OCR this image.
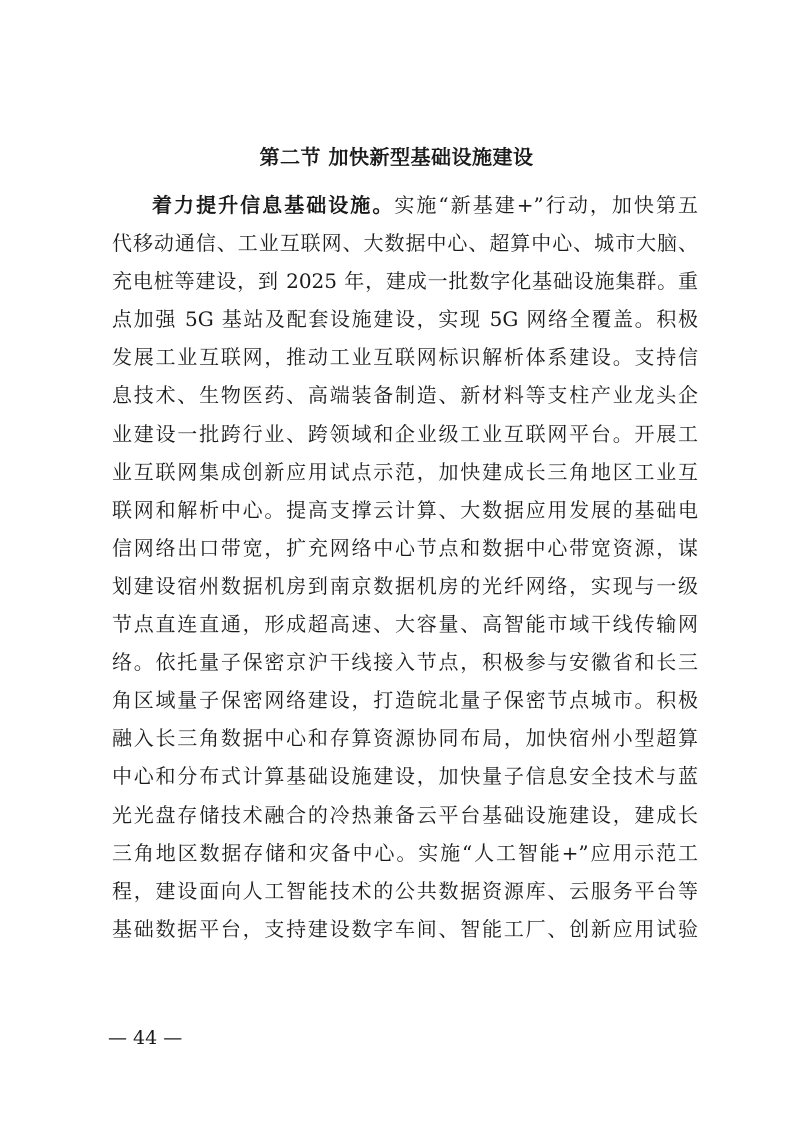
第二节 加快新型基础设施建设
着力提升信息基础设施。实施“新基建+”行动，加快第五
代移动通信、工业互联网、大数据中心、超算中心、城市大脑、
充电桩等建设，到 2025 年，建成一批数字化基础设施集群。重
点加强 5G 基站及配套设施建设，实现 5G 网络全覆盖。积极
发展工业互联网，推动工业互联网标识解析体系建设。支持信
息技术、生物医药、高端装备制造、新材料等支柱产业龙头企
业建设一批跨行业、跨领域和企业级工业互联网平台。开展工
业互联网集成创新应用试点示范，加快建成长三角地区工业互
联网和解析中心。提高支撑云计算、大数据应用发展的基础电
信网络出口带宽，扩充网络中心节点和数据中心带宽资源，谋
划建设宿州数据机房到南京数据机房的光纤网络，实现与一级
节点直连直通，形成超高速、大容量、高智能市域干线传输网
络。依托量子保密京沪干线接入节点，积极参与安徽省和长三
角区域量子保密网络建设，打造皖北量子保密节点城市。积极
融入长三角数据中心和存算资源协同布局，加快宿州小型超算
中心和分布式计算基础设施建设，加快量子信息安全技术与蓝
光光盘存储技术融合的冷热兼备云平台基础设施建设，建成长
三角地区数据存储和灾备中心。实施“人工智能+”应用示范工
程，建设面向人工智能技术的公共数据资源库、云服务平台等
基础数据平台，支持建设数字车间、智能工厂、创新应用试验

— 44 —
